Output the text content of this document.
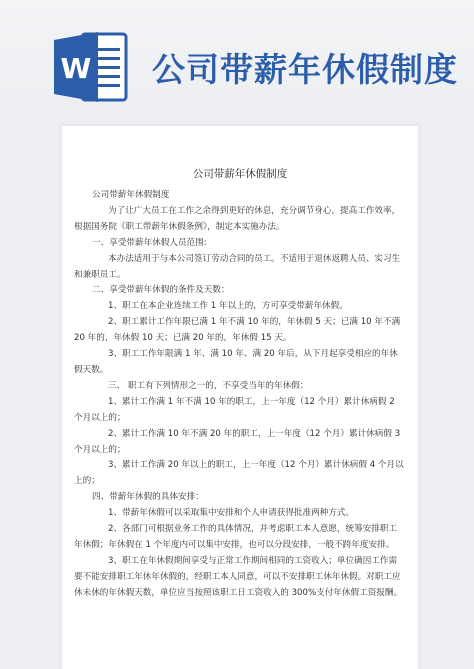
W 公司带薪年休假制度
公司带薪年休假制度

公司带薪年休假制度

为了让广大员工在工作之余得到更好的休息，充分调节身心，提高工作效率，根据国务院《职工带薪年休假条例》，制定本实施办法。

一、享受带薪年休假人员范围:

本办法适用于与本公司签订劳动合同的员工。不适用于退休返聘人员、实习生和兼职员工。

二、享受带薪年休假的条件及天数：

1、职工在本企业连续工作 1 年以上的，方可享受带薪年休假。

2、职工累计工作年限已满 1 年不满 10 年的，年休假 5 天；已满 10 年不满 20 年的，年休假 10 天；已满 20 年的，年休假 15 天。

3、职工工作年限满 1 年、满 10 年、满 20 年后，从下月起享受相应的年休假天数。

三、 职工有下列情形之一的，不享受当年的年休假：

1、累计工作满 1 年不满 10 年的职工，上一年度（12 个月）累计休病假 2 个月以上的；

2、累计工作满 10 年不满 20 年的职工，上一年度（12 个月）累计休病假 3 个月以上的；

3、累计工作满 20 年以上的职工，上一年度（12 个月）累计休病假 4 个月以上的；

四、带薪年休假的具体安排：

1、带薪年休假可以采取集中安排和个人申请获得批准两种方式。

2、各部门可根据业务工作的具体情况，并考虑职工本人意愿，统筹安排职工年休假；年休假在 1 个年度内可以集中安排，也可以分段安排，一般不跨年度安排。

3、职工在年休假期间享受与正常工作期间相同的工资收入；单位确因工作需要不能安排职工年休年休假的，经职工本人同意，可以不安排职工休年休假。对职工应休未休的年休假天数，单位应当按照该职工日工资收入的 300%支付年休假工资报酬。
